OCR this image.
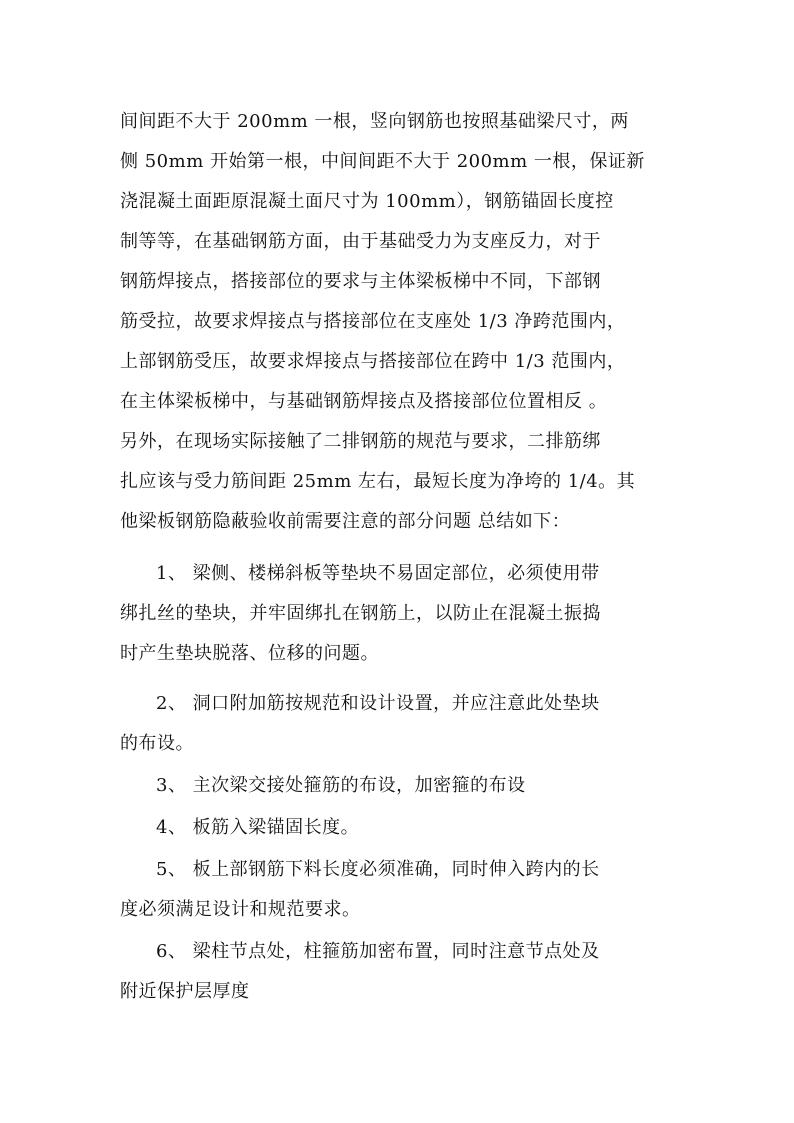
间间距不大于 200mm 一根，竖向钢筋也按照基础梁尺寸，两
侧 50mm 开始第一根，中间间距不大于 200mm 一根，保证新
浇混凝土面距原混凝土面尺寸为 100mm），钢筋锚固长度控
制等等，在基础钢筋方面，由于基础受力为支座反力，对于
钢筋焊接点，搭接部位的要求与主体梁板梯中不同，下部钢
筋受拉，故要求焊接点与搭接部位在支座处 1/3 净跨范围内，
上部钢筋受压，故要求焊接点与搭接部位在跨中 1/3 范围内，
在主体梁板梯中，与基础钢筋焊接点及搭接部位位置相反 。
另外，在现场实际接触了二排钢筋的规范与要求，二排筋绑
扎应该与受力筋间距 25mm 左右，最短长度为净垮的 1/4。其
他梁板钢筋隐蔽验收前需要注意的部分问题 总结如下：
1、 梁侧、楼梯斜板等垫块不易固定部位，必须使用带
绑扎丝的垫块，并牢固绑扎在钢筋上，以防止在混凝土振捣
时产生垫块脱落、位移的问题。
2、 洞口附加筋按规范和设计设置，并应注意此处垫块
的布设。
3、 主次梁交接处箍筋的布设，加密箍的布设
4、 板筋入梁锚固长度。
5、 板上部钢筋下料长度必须准确，同时伸入跨内的长
度必须满足设计和规范要求。
6、 梁柱节点处，柱箍筋加密布置，同时注意节点处及
附近保护层厚度
